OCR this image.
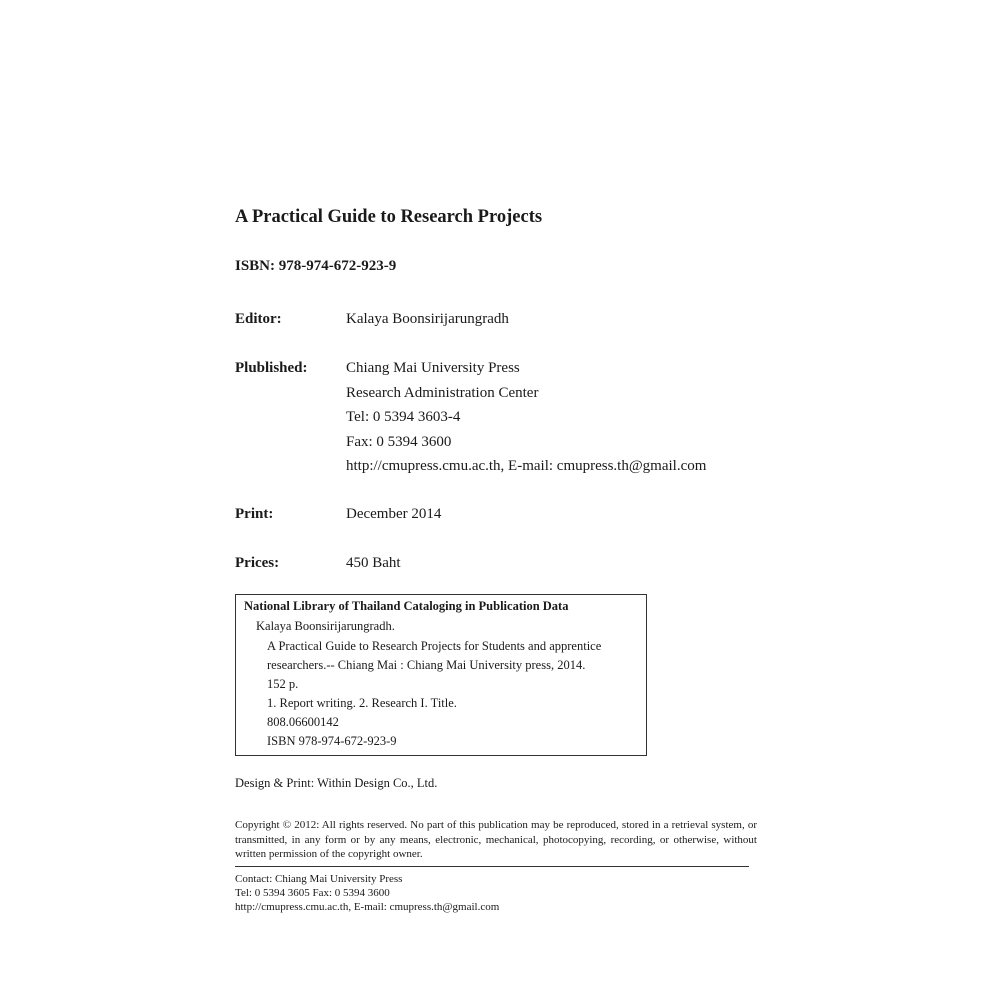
A Practical Guide to Research Projects
ISBN: 978-974-672-923-9
Editor:	Kalaya Boonsirijarungradh
Plublished:	Chiang Mai University Press
Research Administration Center
Tel: 0 5394 3603-4
Fax: 0 5394 3600
http://cmupress.cmu.ac.th, E-mail: cmupress.th@gmail.com
Print:	December 2014
Prices:	450 Baht
National Library of Thailand Cataloging in Publication Data
Kalaya Boonsirijarungradh.
A Practical Guide to Research Projects for Students and apprentice
researchers.-- Chiang Mai : Chiang Mai University press, 2014.
152 p.
1. Report writing. 2. Research I. Title.
808.06600142
ISBN 978-974-672-923-9
Design & Print: Within Design Co., Ltd.
Copyright © 2012: All rights reserved. No part of this publication may be reproduced, stored in a retrieval system, or transmitted, in any form or by any means, electronic, mechanical, photocopying, recording, or otherwise, without written permission of the copyright owner.
Contact: Chiang Mai University Press
Tel: 0 5394 3605 Fax: 0 5394 3600
http://cmupress.cmu.ac.th, E-mail: cmupress.th@gmail.com
